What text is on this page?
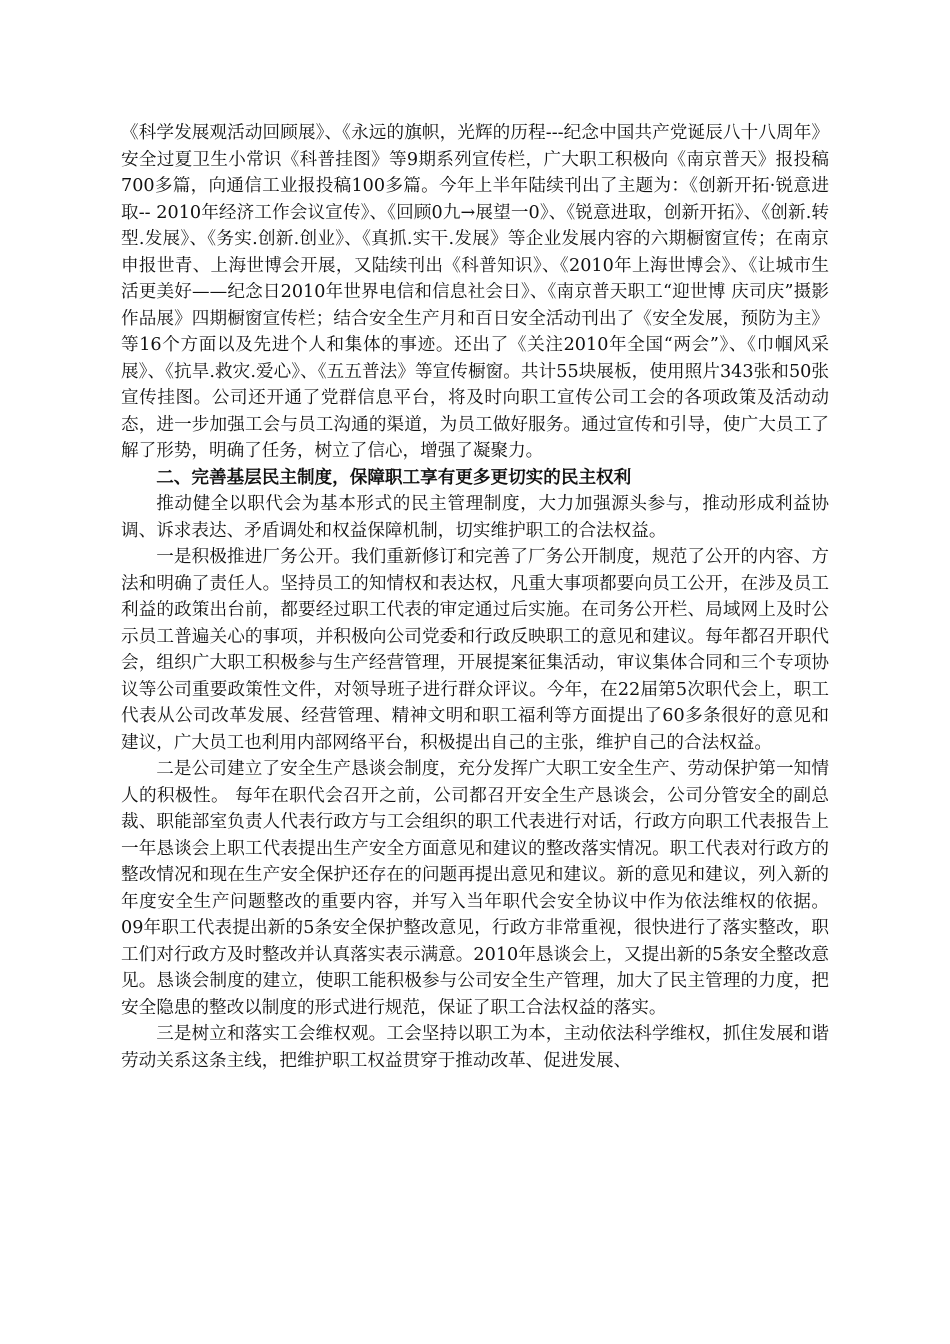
《科学发展观活动回顾展》、《永远的旗帜，光辉的历程---纪念中国共产党诞辰八十八周年》安全过夏卫生小常识《科普挂图》等9期系列宣传栏，广大职工积极向《南京普天》报投稿700多篇，向通信工业报投稿100多篇。今年上半年陆续刊出了主题为：《创新开拓·锐意进取-- 2010年经济工作会议宣传》、《回顾0九→展望一0》、《锐意进取，创新开拓》、《创新.转型.发展》、《务实.创新.创业》、《真抓.实干.发展》等企业发展内容的六期橱窗宣传；在南京申报世青、上海世博会开展，又陆续刊出《科普知识》、《2010年上海世博会》、《让城市生活更美好——纪念日2010年世界电信和信息社会日》、《南京普天职工“迎世博 庆司庆”摄影作品展》四期橱窗宣传栏；结合安全生产月和百日安全活动刊出了《安全发展，预防为主》等16个方面以及先进个人和集体的事迹。还出了《关注2010年全国“两会”》、《巾帼风采展》、《抗旱.救灾.爱心》、《五五普法》等宣传橱窗。共计55块展板，使用照片343张和50张宣传挂图。公司还开通了党群信息平台，将及时向职工宣传公司工会的各项政策及活动动态，进一步加强工会与员工沟通的渠道，为员工做好服务。通过宣传和引导，使广大员工了解了形势，明确了任务，树立了信心，增强了凝聚力。

二、完善基层民主制度，保障职工享有更多更切实的民主权利

推动健全以职代会为基本形式的民主管理制度，大力加强源头参与，推动形成利益协调、诉求表达、矛盾调处和权益保障机制，切实维护职工的合法权益。

一是积极推进厂务公开。我们重新修订和完善了厂务公开制度，规范了公开的内容、方法和明确了责任人。坚持员工的知情权和表达权，凡重大事项都要向员工公开，在涉及员工利益的政策出台前，都要经过职工代表的审定通过后实施。在司务公开栏、局域网上及时公示员工普遍关心的事项，并积极向公司党委和行政反映职工的意见和建议。每年都召开职代会，组织广大职工积极参与生产经营管理，开展提案征集活动，审议集体合同和三个专项协议等公司重要政策性文件，对领导班子进行群众评议。今年，在22届第5次职代会上，职工代表从公司改革发展、经营管理、精神文明和职工福利等方面提出了60多条很好的意见和建议，广大员工也利用内部网络平台，积极提出自己的主张，维护自己的合法权益。

二是公司建立了安全生产恳谈会制度，充分发挥广大职工安全生产、劳动保护第一知情人的积极性。 每年在职代会召开之前，公司都召开安全生产恳谈会，公司分管安全的副总裁、职能部室负责人代表行政方与工会组织的职工代表进行对话，行政方向职工代表报告上一年恳谈会上职工代表提出生产安全方面意见和建议的整改落实情况。职工代表对行政方的整改情况和现在生产安全保护还存在的问题再提出意见和建议。新的意见和建议，列入新的年度安全生产问题整改的重要内容，并写入当年职代会安全协议中作为依法维权的依据。09年职工代表提出新的5条安全保护整改意见，行政方非常重视，很快进行了落实整改，职工们对行政方及时整改并认真落实表示满意。2010年恳谈会上，又提出新的5条安全整改意见。恳谈会制度的建立，使职工能积极参与公司安全生产管理，加大了民主管理的力度，把安全隐患的整改以制度的形式进行规范，保证了职工合法权益的落实。

三是树立和落实工会维权观。工会坚持以职工为本，主动依法科学维权，抓住发展和谐劳动关系这条主线，把维护职工权益贯穿于推动改革、促进发展、
